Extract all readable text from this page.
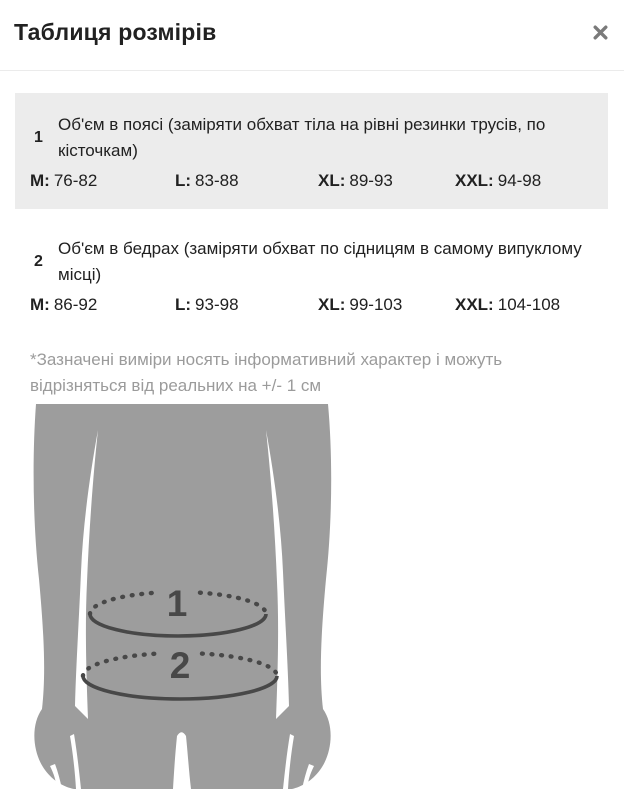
Таблиця розмірів
1
Об'єм в поясі (заміряти обхват тіла на рівні резинки трусів, по кісточкам)
M: 76-82	L: 83-88	XL: 89-93	XXL: 94-98
2
Об'єм в бедрах (заміряти обхват по сідницям в самому випуклому місці)
M: 86-92	L: 93-98	XL: 99-103	XXL: 104-108
*Зазначені виміри носять інформативний характер і можуть відрізняться від реальних на +/- 1 см
1
2
